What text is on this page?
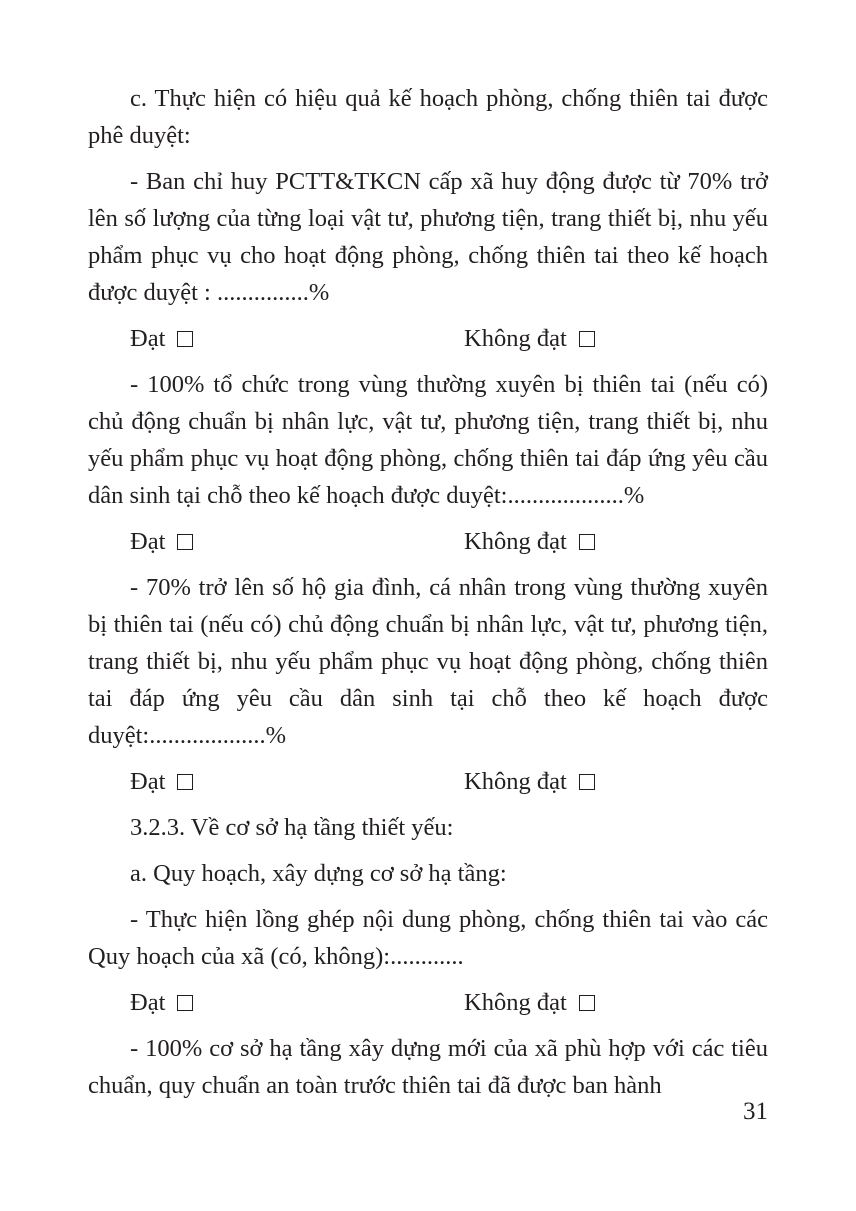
c. Thực hiện có hiệu quả kế hoạch phòng, chống thiên tai được phê duyệt:

- Ban chỉ huy PCTT&TKCN cấp xã huy động được từ 70% trở lên số lượng của từng loại vật tư, phương tiện, trang thiết bị, nhu yếu phẩm phục vụ cho hoạt động phòng, chống thiên tai theo kế hoạch được duyệt : ...............%

Đạt	Không đạt

- 100% tổ chức trong vùng thường xuyên bị thiên tai (nếu có) chủ động chuẩn bị nhân lực, vật tư, phương tiện, trang thiết bị, nhu yếu phẩm phục vụ hoạt động phòng, chống thiên tai đáp ứng yêu cầu dân sinh tại chỗ theo kế hoạch được duyệt:...................%

Đạt	Không đạt

- 70% trở lên số hộ gia đình, cá nhân trong vùng thường xuyên bị thiên tai (nếu có) chủ động chuẩn bị nhân lực, vật tư, phương tiện, trang thiết bị, nhu yếu phẩm phục vụ hoạt động phòng, chống thiên tai đáp ứng yêu cầu dân sinh tại chỗ theo kế hoạch được duyệt:...................%

Đạt	Không đạt

3.2.3. Về cơ sở hạ tầng thiết yếu:

a. Quy hoạch, xây dựng cơ sở hạ tầng:

- Thực hiện lồng ghép nội dung phòng, chống thiên tai vào các Quy hoạch của xã (có, không):............

Đạt	Không đạt

- 100% cơ sở hạ tầng xây dựng mới của xã phù hợp với các tiêu chuẩn, quy chuẩn an toàn trước thiên tai đã được ban hành

31
